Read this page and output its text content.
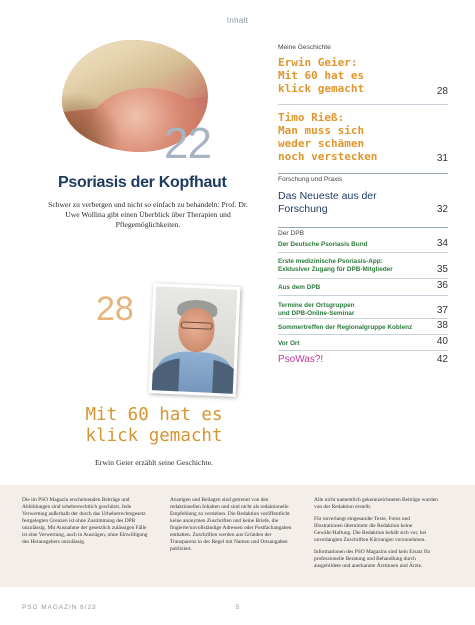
Inhalt
22
Psoriasis der Kopfhaut
Schwer zu verbergen und nicht so einfach zu behandeln: Prof. Dr. Uwe Wollina gibt einen Überblick über Therapien und Pflegemöglichkeiten.
28
Mit 60 hat es
klick gemacht
Erwin Geier erzählt seine Geschichte.
Meine Geschichte
Erwin Geier:
Mit 60 hat es
klick gemacht	28
Timo Rieß:
Man muss sich
weder schämen
noch verstecken	31
Forschung und Praxis
Das Neueste aus der
Forschung	32
Der DPB
Der Deutsche Psoriasis Bund	34
Erste medizinische Psoriasis-App:
Exklusiver Zugang für DPB-Mitglieder	35
Aus dem DPB	36
Termine der Ortsgruppen
und DPB-Online-Seminar	37
Sommertreffen der Regionalgruppe Koblenz	38
Vor Ort	40
PsoWas?!	42

Die im PSO Magazin erscheinenden Beiträge und Abbildungen sind urheberrechtlich geschützt. Jede Verwertung außerhalb der durch das Urheberrechtsgesetz festgelegten Grenzen ist ohne Zustimmung des DPB unzulässig. Mit Ausnahme der gesetzlich zulässigen Fälle ist eine Verwertung, auch in Auszügen, ohne Einwilligung des Herausgebers unzulässig.

Anzeigen und Beilagen sind getrennt von den redaktionellen Inhalten und sind nicht als redaktionelle Empfehlung zu verstehen. Die Redaktion veröffentlicht keine anonymen Zuschriften und keine Briefe, die fingierte/unvollständige Adressen oder Postfachangaben enthalten. Zuschriften werden aus Gründen der Transparenz in der Regel mit Namen und Ortsangaben publiziert.

Alle nicht namentlich gekennzeichneten Beiträge wurden von der Redaktion erstellt.

Für unverlangt eingesandte Texte, Fotos und Illustrationen übernimmt die Redaktion keine Gewähr/Haftung. Die Redaktion behält sich vor, bei unverlangten Zuschriften Kürzungen vorzunehmen.

Informationen des PSO Magazins sind kein Ersatz für professionelle Beratung und Behandlung durch ausgebildete und anerkannte Ärztinnen und Ärzte.

PSO MAGAZIN 6/23	5
